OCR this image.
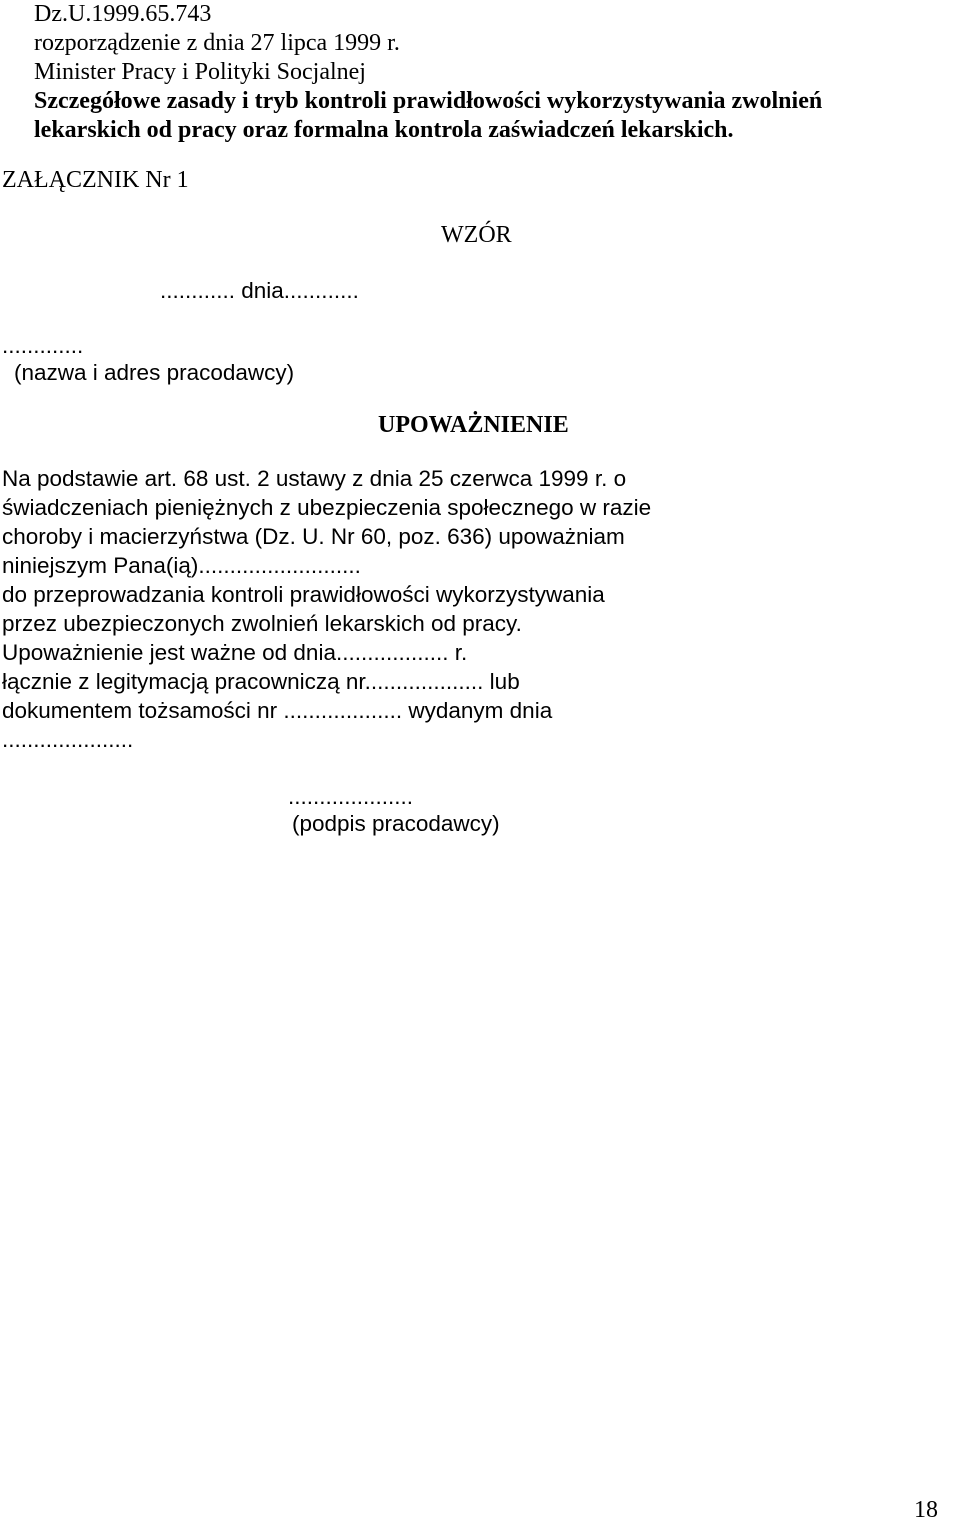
Dz.U.1999.65.743
rozporządzenie z dnia 27 lipca 1999 r.
Minister Pracy i Polityki Socjalnej
Szczegółowe zasady i tryb kontroli prawidłowości wykorzystywania zwolnień
lekarskich od pracy oraz formalna kontrola zaświadczeń lekarskich.
ZAŁĄCZNIK Nr 1
WZÓR
............ dnia............
.............
(nazwa i adres pracodawcy)
UPOWAŻNIENIE
Na podstawie art. 68 ust. 2 ustawy z dnia 25 czerwca 1999 r. o
świadczeniach pieniężnych z ubezpieczenia społecznego w razie
choroby i macierzyństwa (Dz. U. Nr 60, poz. 636) upoważniam
niniejszym Pana(ią)..........................
do przeprowadzania kontroli prawidłowości wykorzystywania
przez ubezpieczonych zwolnień lekarskich od pracy.
Upoważnienie jest ważne od dnia.................. r.
łącznie z legitymacją pracowniczą nr................... lub
dokumentem tożsamości nr ................... wydanym dnia
.....................
....................
(podpis pracodawcy)
18
